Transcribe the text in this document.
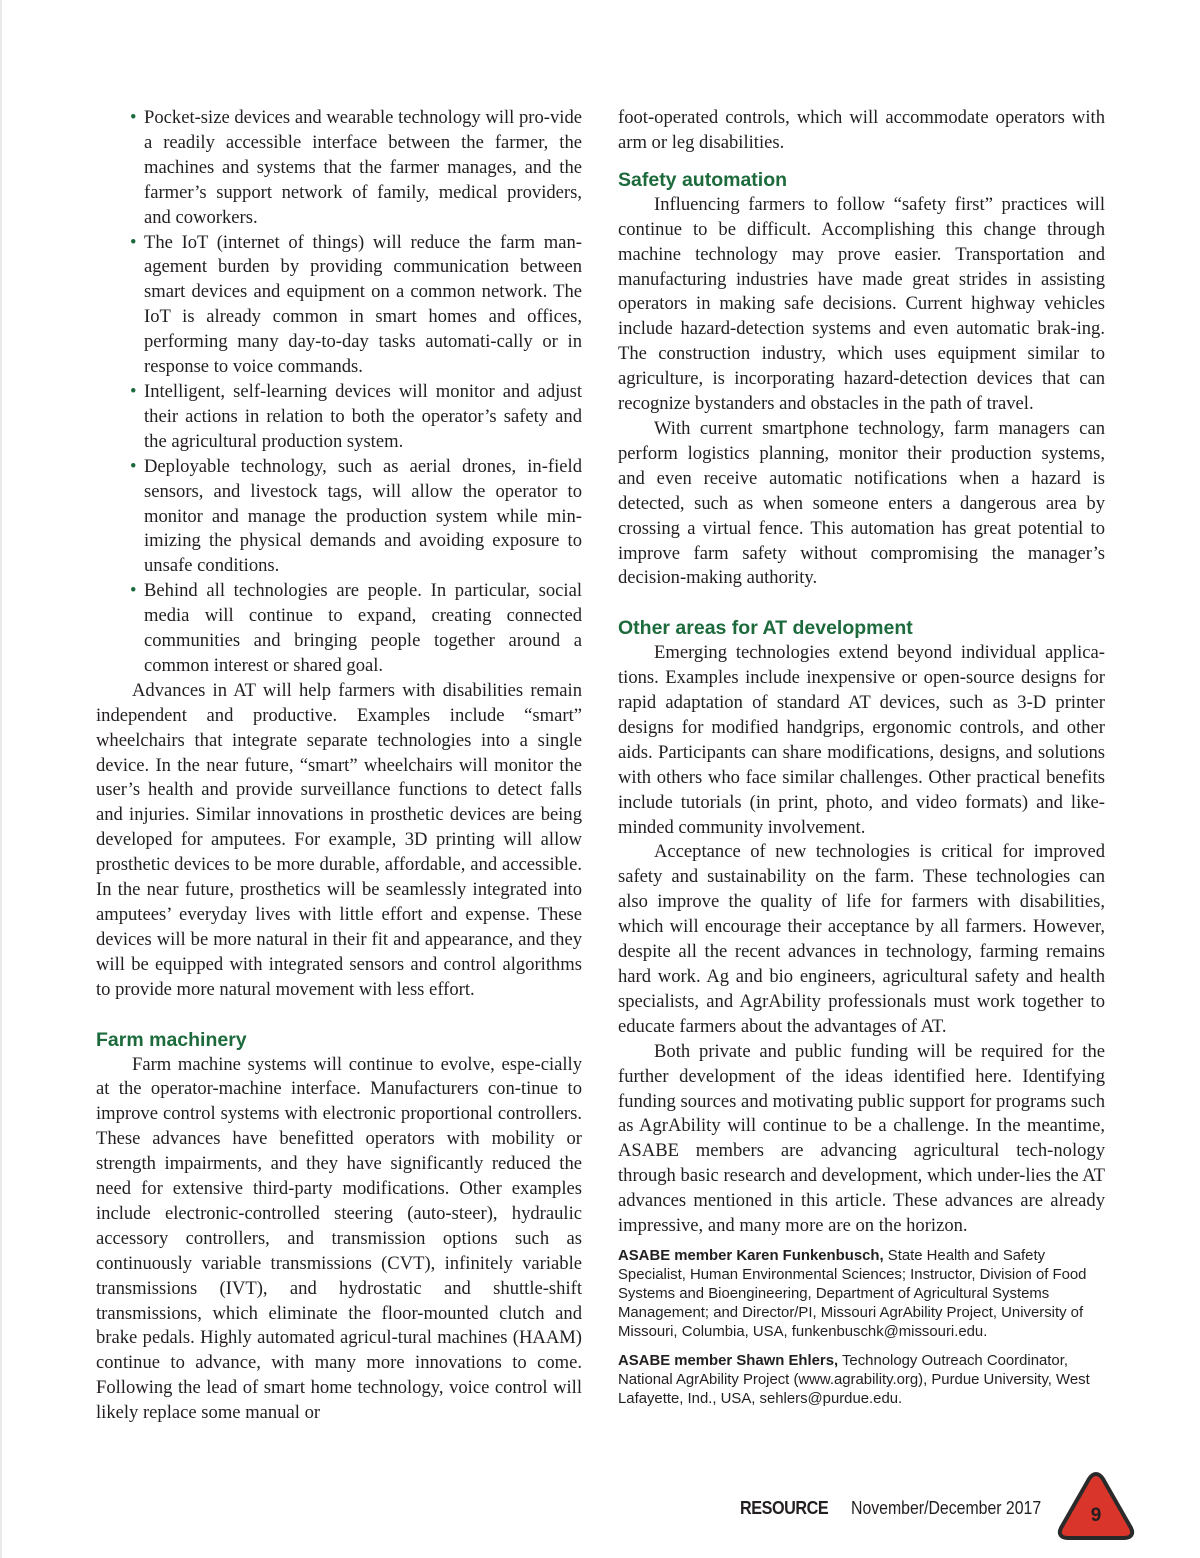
• Pocket-size devices and wearable technology will pro-vide a readily accessible interface between the farmer, the machines and systems that the farmer manages, and the farmer’s support network of family, medical providers, and coworkers.
• The IoT (internet of things) will reduce the farm man-agement burden by providing communication between smart devices and equipment on a common network. The IoT is already common in smart homes and offices, performing many day-to-day tasks automati-cally or in response to voice commands.
• Intelligent, self-learning devices will monitor and adjust their actions in relation to both the operator’s safety and the agricultural production system.
• Deployable technology, such as aerial drones, in-field sensors, and livestock tags, will allow the operator to monitor and manage the production system while min-imizing the physical demands and avoiding exposure to unsafe conditions.
• Behind all technologies are people. In particular, social media will continue to expand, creating connected communities and bringing people together around a common interest or shared goal.

Advances in AT will help farmers with disabilities remain independent and productive. Examples include “smart” wheelchairs that integrate separate technologies into a single device. In the near future, “smart” wheelchairs will monitor the user’s health and provide surveillance functions to detect falls and injuries. Similar innovations in prosthetic devices are being developed for amputees. For example, 3D printing will allow prosthetic devices to be more durable, affordable, and accessible. In the near future, prosthetics will be seamlessly integrated into amputees’ everyday lives with little effort and expense. These devices will be more natural in their fit and appearance, and they will be equipped with integrated sensors and control algorithms to provide more natural movement with less effort.

Farm machinery

Farm machine systems will continue to evolve, espe-cially at the operator-machine interface. Manufacturers con-tinue to improve control systems with electronic proportional controllers. These advances have benefitted operators with mobility or strength impairments, and they have significantly reduced the need for extensive third-party modifications. Other examples include electronic-controlled steering (auto-steer), hydraulic accessory controllers, and transmission options such as continuously variable transmissions (CVT), infinitely variable transmissions (IVT), and hydrostatic and shuttle-shift transmissions, which eliminate the floor-mounted clutch and brake pedals. Highly automated agricul-tural machines (HAAM) continue to advance, with many more innovations to come. Following the lead of smart home technology, voice control will likely replace some manual or

foot-operated controls, which will accommodate operators with arm or leg disabilities.

Safety automation

Influencing farmers to follow “safety first” practices will continue to be difficult. Accomplishing this change through machine technology may prove easier. Transportation and manufacturing industries have made great strides in assisting operators in making safe decisions. Current highway vehicles include hazard-detection systems and even automatic brak-ing. The construction industry, which uses equipment similar to agriculture, is incorporating hazard-detection devices that can recognize bystanders and obstacles in the path of travel.

With current smartphone technology, farm managers can perform logistics planning, monitor their production systems, and even receive automatic notifications when a hazard is detected, such as when someone enters a dangerous area by crossing a virtual fence. This automation has great potential to improve farm safety without compromising the manager’s decision-making authority.

Other areas for AT development

Emerging technologies extend beyond individual applica-tions. Examples include inexpensive or open-source designs for rapid adaptation of standard AT devices, such as 3-D printer designs for modified handgrips, ergonomic controls, and other aids. Participants can share modifications, designs, and solutions with others who face similar challenges. Other practical benefits include tutorials (in print, photo, and video formats) and like-minded community involvement.

Acceptance of new technologies is critical for improved safety and sustainability on the farm. These technologies can also improve the quality of life for farmers with disabilities, which will encourage their acceptance by all farmers. However, despite all the recent advances in technology, farming remains hard work. Ag and bio engineers, agricultural safety and health specialists, and AgrAbility professionals must work together to educate farmers about the advantages of AT.

Both private and public funding will be required for the further development of the ideas identified here. Identifying funding sources and motivating public support for programs such as AgrAbility will continue to be a challenge. In the meantime, ASABE members are advancing agricultural tech-nology through basic research and development, which under-lies the AT advances mentioned in this article. These advances are already impressive, and many more are on the horizon.

ASABE member Karen Funkenbusch, State Health and Safety Specialist, Human Environmental Sciences; Instructor, Division of Food Systems and Bioengineering, Department of Agricultural Systems Management; and Director/PI, Missouri AgrAbility Project, University of Missouri, Columbia, USA, funkenbuschk@missouri.edu.

ASABE member Shawn Ehlers, Technology Outreach Coordinator, National AgrAbility Project (www.agrability.org), Purdue University, West Lafayette, Ind., USA, sehlers@purdue.edu.

RESOURCE November/December 2017	9
